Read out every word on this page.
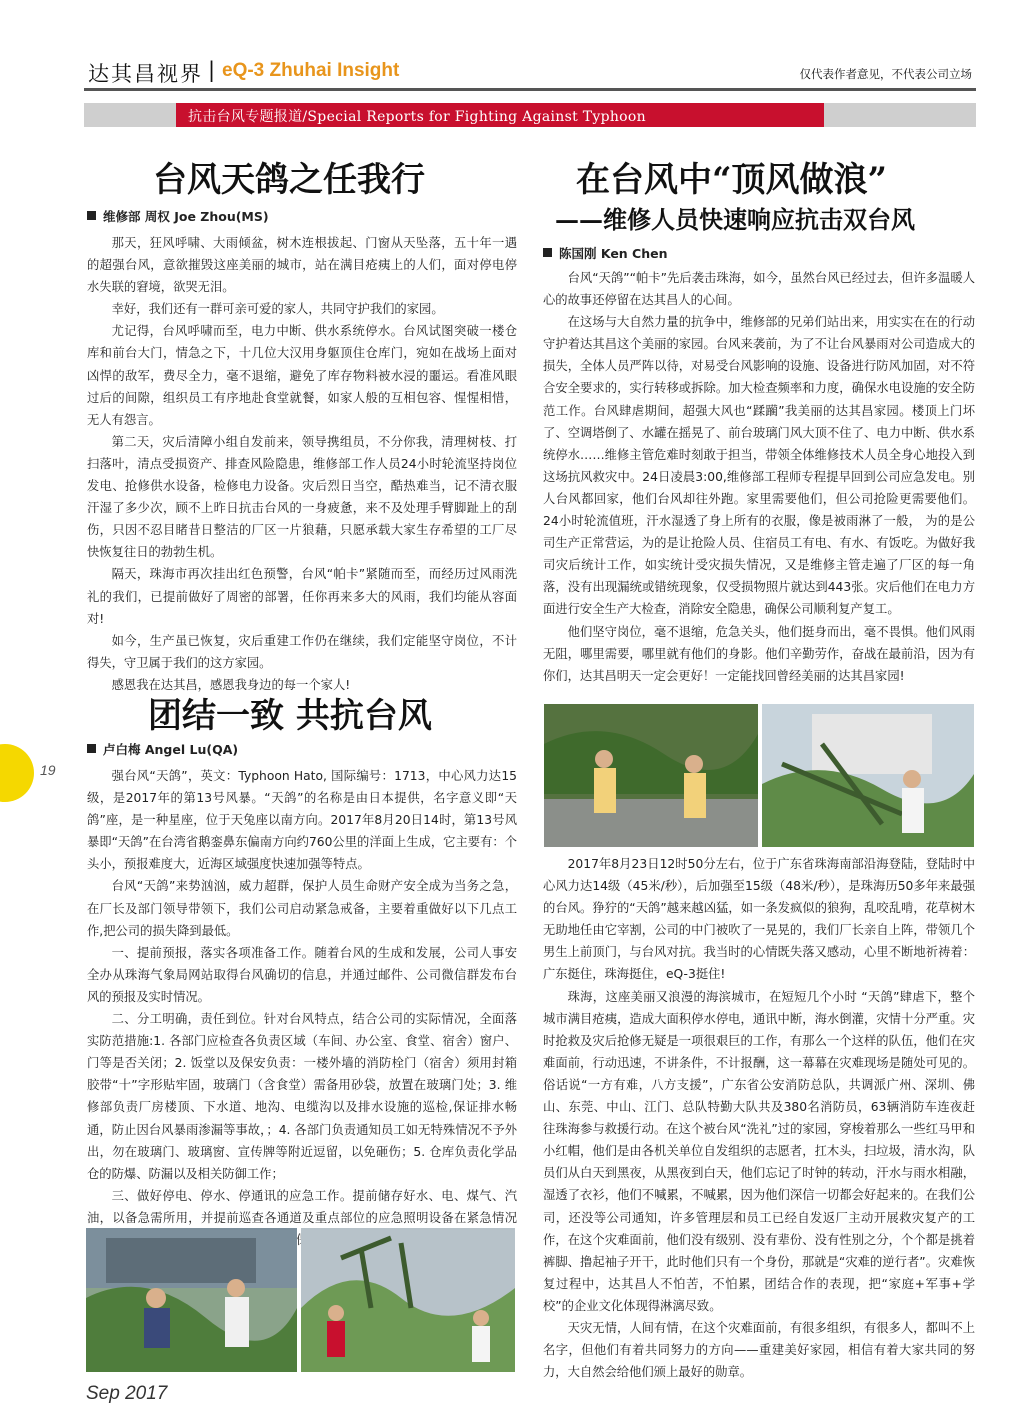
达其昌视界 | eQ-3 Zhuhai Insight	仅代表作者意见，不代表公司立场
抗击台风专题报道/Special Reports for Fighting Against Typhoon
19
台风天鸽之任我行
维修部 周权 Joe Zhou(MS)

那天，狂风呼啸、大雨倾盆，树木连根拔起、门窗从天坠落，五十年一遇的超强台风，意欲摧毁这座美丽的城市，站在满目疮痍上的人们，面对停电停水失联的窘境，欲哭无泪。

幸好，我们还有一群可亲可爱的家人，共同守护我们的家园。

尤记得，台风呼啸而至，电力中断、供水系统停水。台风试图突破一楼仓库和前台大门，情急之下，十几位大汉用身躯顶住仓库门，宛如在战场上面对凶悍的敌军，费尽全力，毫不退缩，避免了库存物料被水浸的噩运。看准风眼过后的间隙，组织员工有序地赴食堂就餐，如家人般的互相包容、惺惺相惜，无人有怨言。

第二天，灾后清障小组自发前来，领导携组员，不分你我，清理树枝、打扫落叶，清点受损资产、排查风险隐患，维修部工作人员24小时轮流坚持岗位发电、抢修供水设备，检修电力设备。灾后烈日当空，酷热难当，记不清衣服汗湿了多少次，顾不上昨日抗击台风的一身疲惫，来不及处理手臂脚趾上的刮伤，只因不忍目睹昔日整洁的厂区一片狼藉，只愿承载大家生存希望的工厂尽快恢复往日的勃勃生机。

隔天，珠海市再次挂出红色预警，台风“帕卡”紧随而至，而经历过风雨洗礼的我们，已提前做好了周密的部署，任你再来多大的风雨，我们均能从容面对!

如今，生产虽已恢复，灾后重建工作仍在继续，我们定能坚守岗位，不计得失，守卫属于我们的这方家园。

感恩我在达其昌，感恩我身边的每一个家人!

团结一致 共抗台风
卢白梅 Angel Lu(QA)

强台风“天鸽”，英文：Typhoon Hato, 国际编号：1713，中心风力达15级，是2017年的第13号风暴。“天鸽”的名称是由日本提供，名字意义即“天鸽”座，是一种星座，位于天兔座以南方向。2017年8月20日14时，第13号风暴即“天鸽”在台湾省鹅銮鼻东偏南方向约760公里的洋面上生成，它主要有：个头小，预报难度大，近海区域强度快速加强等特点。

台风“天鸽”来势汹汹，威力超群，保护人员生命财产安全成为当务之急，在厂长及部门领导带领下，我们公司启动紧急戒备，主要着重做好以下几点工作,把公司的损失降到最低。

一、提前预报，落实各项准备工作。随着台风的生成和发展，公司人事安全办从珠海气象局网站取得台风确切的信息，并通过邮件、公司微信群发布台风的预报及实时情况。

二、分工明确，责任到位。针对台风特点，结合公司的实际情况，全面落实防范措施:1. 各部门应检查各负责区域（车间、办公室、食堂、宿舍）窗户、门等是否关闭；2. 饭堂以及保安负责：一楼外墙的消防栓门（宿舍）须用封箱胶带“十”字形贴牢固，玻璃门（含食堂）需备用砂袋，放置在玻璃门处；3. 维修部负责厂房楼顶、下水道、地沟、电缆沟以及排水设施的巡检,保证排水畅通，防止因台风暴雨渗漏等事故，；4. 各部门负责通知员工如无特殊情况不予外出，勿在玻璃门、玻璃窗、宣传牌等附近逗留，以免砸伤；5. 仓库负责化学品仓的防爆、防漏以及相关防御工作；

三、做好停电、停水、停通讯的应急工作。提前储存好水、电、煤气、汽油，以备急需所用，并提前巡查各通道及重点部位的应急照明设备在紧急情况

在台风中“顶风做浪”
——维修人员快速响应抗击双台风
陈国刚 Ken Chen

台风“天鸽”“帕卡”先后袭击珠海，如今，虽然台风已经过去，但许多温暖人心的故事还停留在达其昌人的心间。

在这场与大自然力量的抗争中，维修部的兄弟们站出来，用实实在在的行动守护着达其昌这个美丽的家园。台风来袭前，为了不让台风暴雨对公司造成大的损失，全体人员严阵以待，对易受台风影响的设施、设备进行防风加固，对不符合安全要求的，实行转移或拆除。加大检查频率和力度，确保水电设施的安全防范工作。台风肆虐期间，超强大风也“蹂躏”我美丽的达其昌家园。楼顶上门坏了、空调塔倒了、水罐在摇晃了、前台玻璃门风大顶不住了、电力中断、供水系统停水……维修主管危难时刻敢于担当，带领全体维修技术人员全身心地投入到这场抗风救灾中。24日凌晨3:00,维修部工程师专程提早回到公司应急发电。别人台风都回家，他们台风却往外跑。家里需要他们，但公司抢险更需要他们。24小时轮流值班，汗水湿透了身上所有的衣服，像是被雨淋了一般， 为的是公司生产正常营运，为的是让抢险人员、住宿员工有电、有水、有饭吃。为做好我司灾后统计工作，如实统计受灾损失情况，又是维修主管走遍了厂区的每一角落，没有出现漏统或错统现象，仅受损物照片就达到443张。灾后他们在电力方面进行安全生产大检查，消除安全隐患，确保公司顺利复产复工。

他们坚守岗位，毫不退缩，危急关头，他们挺身而出，毫不畏惧。他们风雨无阻，哪里需要，哪里就有他们的身影。他们辛勤劳作，奋战在最前沿，因为有你们，达其昌明天一定会更好！一定能找回曾经美丽的达其昌家园!

2017年8月23日12时50分左右，位于广东省珠海南部沿海登陆，登陆时中心风力达14级（45米/秒），后加强至15级（48米/秒），是珠海历50多年来最强的台风。狰狞的“天鸽”越来越凶猛，如一条发疯似的狼狗，乱咬乱啃，花草树木无助地任由它宰割，公司的中门被吹了一晃晃的，我们厂长亲自上阵，带领几个男生上前顶门，与台风对抗。我当时的心情既失落又感动，心里不断地祈祷着：广东挺住，珠海挺住，eQ-3挺住!

珠海，这座美丽又浪漫的海滨城市，在短短几个小时 “天鸽”肆虐下，整个城市满目疮痍，造成大面积停水停电，通讯中断，海水倒灌，灾情十分严重。灾时抢救及灾后抢修无疑是一项很艰巨的工作，有那么一个这样的队伍，他们在灾难面前，行动迅速，不讲条件，不计报酬，这一幕幕在灾难现场是随处可见的。俗话说“一方有难，八方支援”，广东省公安消防总队，共调派广州、深圳、佛山、东莞、中山、江门、总队特勤大队共及380名消防员，63辆消防车连夜赶往珠海参与救援行动。在这个被台风“洗礼”过的家园，穿梭着那么一些红马甲和小红帽，他们是由各机关单位自发组织的志愿者，扛木头，扫垃圾，清水沟，队员们从白天到黑夜，从黑夜到白天，他们忘记了时钟的转动，汗水与雨水相融，湿透了衣衫，他们不喊累，不喊累，因为他们深信一切都会好起来的。在我们公司，还没等公司通知，许多管理层和员工已经自发返厂主动开展救灾复产的工作，在这个灾难面前，他们没有级别、没有辈份、没有性别之分，个个都是挑着裤脚、撸起袖子开干，此时他们只有一个身份，那就是“灾难的逆行者”。灾难恢复过程中，达其昌人不怕苦，不怕累，团结合作的表现，把“家庭+军事+学校”的企业文化体现得淋漓尽致。

天灾无情，人间有情，在这个灾难面前，有很多组织，有很多人，都叫不上名字，但他们有着共同努力的方向——重建美好家园，相信有着大家共同的努力，大自然会给他们颁上最好的勋章。

Sep 2017
